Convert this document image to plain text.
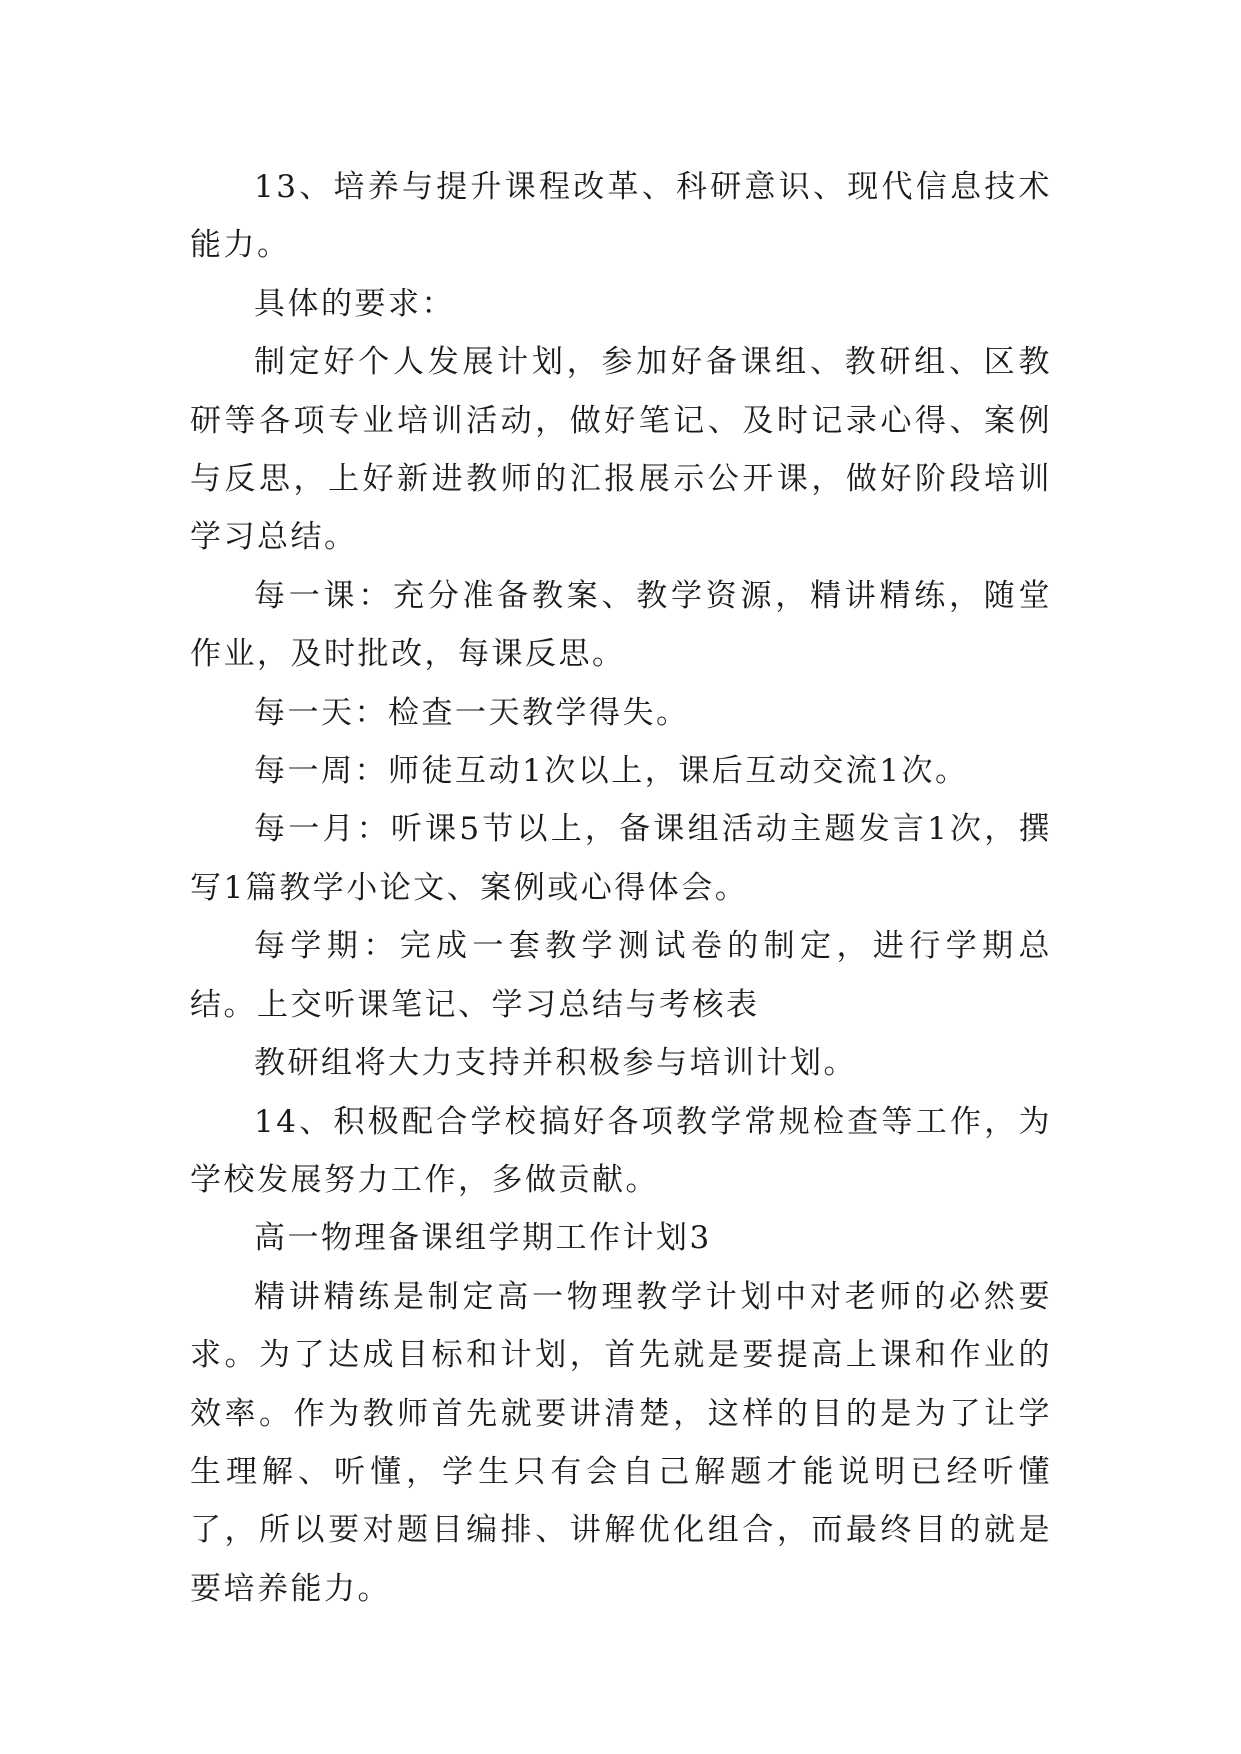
13、培养与提升课程改革、科研意识、现代信息技术能力。

具体的要求：

制定好个人发展计划，参加好备课组、教研组、区教研等各项专业培训活动，做好笔记、及时记录心得、案例与反思，上好新进教师的汇报展示公开课，做好阶段培训学习总结。

每一课：充分准备教案、教学资源，精讲精练，随堂作业，及时批改，每课反思。

每一天：检查一天教学得失。

每一周：师徒互动1次以上，课后互动交流1次。

每一月：听课5节以上，备课组活动主题发言1次，撰写1篇教学小论文、案例或心得体会。

每学期：完成一套教学测试卷的制定，进行学期总结。上交听课笔记、学习总结与考核表

教研组将大力支持并积极参与培训计划。

14、积极配合学校搞好各项教学常规检查等工作，为学校发展努力工作，多做贡献。

高一物理备课组学期工作计划3

精讲精练是制定高一物理教学计划中对老师的必然要求。为了达成目标和计划，首先就是要提高上课和作业的效率。作为教师首先就要讲清楚，这样的目的是为了让学生理解、听懂，学生只有会自己解题才能说明已经听懂了，所以要对题目编排、讲解优化组合，而最终目的就是要培养能力。
